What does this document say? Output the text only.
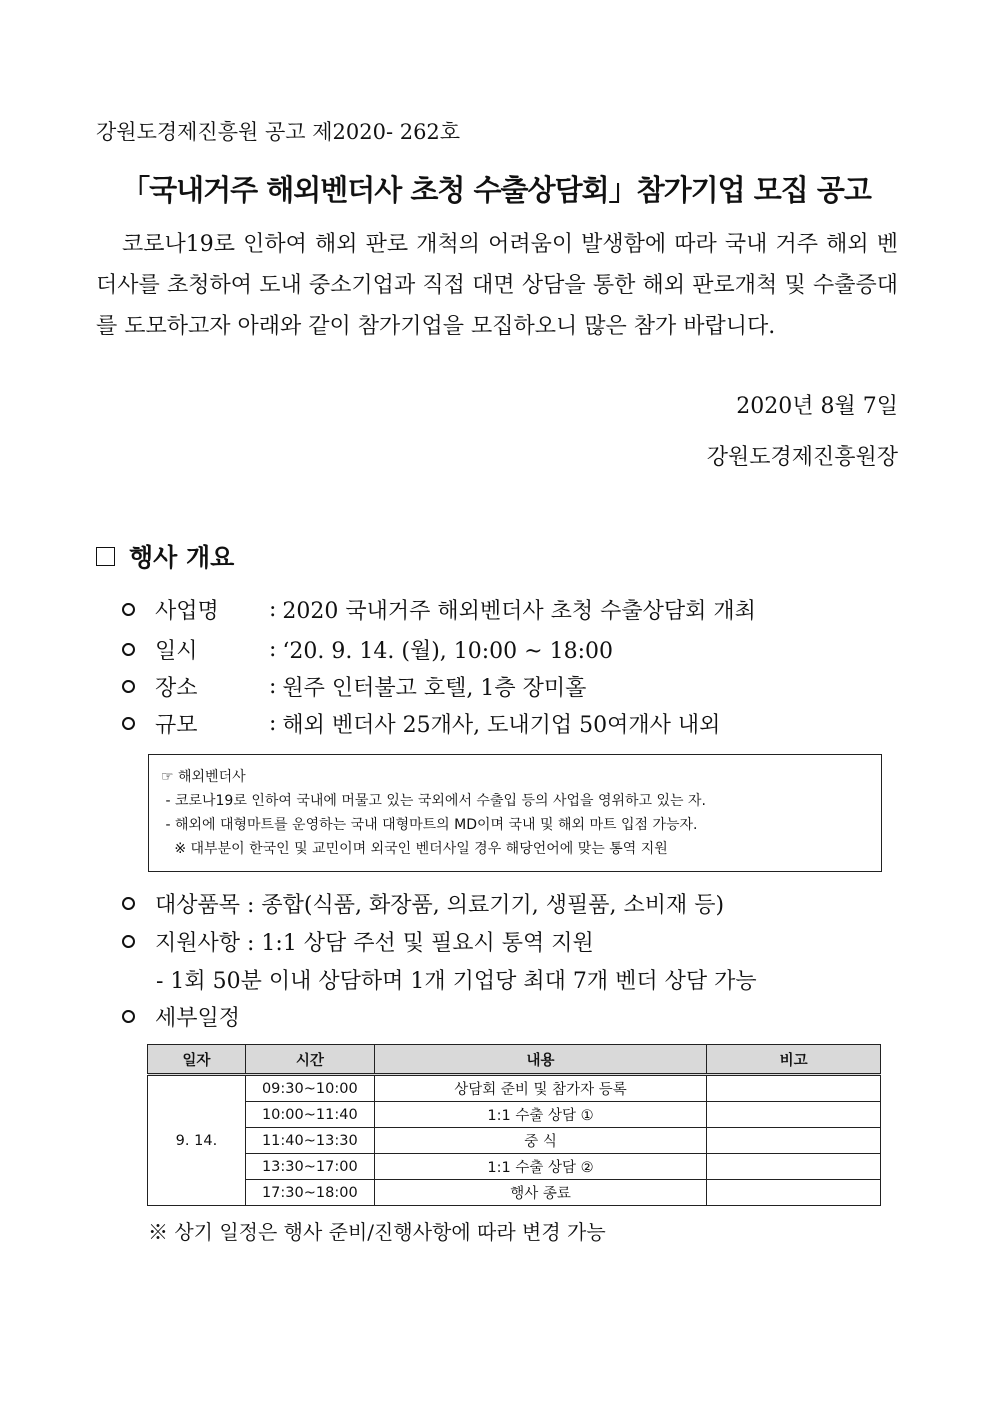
강원도경제진흥원 공고 제2020- 262호
「국내거주 해외벤더사 초청 수출상담회」참가기업 모집 공고
코로나19로 인하여 해외 판로 개척의 어려움이 발생함에 따라 국내 거주 해외 벤더사를 초청하여 도내 중소기업과 직접 대면 상담을 통한 해외 판로개척 및 수출증대를 도모하고자 아래와 같이 참가기업을 모집하오니 많은 참가 바랍니다.
2020년 8월 7일
강원도경제진흥원장
행사 개요
사업명	: 2020 국내거주 해외벤더사 초청 수출상담회 개최
일시	: ‘20. 9. 14. (월), 10:00 ~ 18:00
장소	: 원주 인터불고 호텔, 1층 장미홀
규모	: 해외 벤더사 25개사, 도내기업 50여개사 내외
☞ 해외벤더사
- 코로나19로 인하여 국내에 머물고 있는 국외에서 수출입 등의 사업을 영위하고 있는 자.
- 해외에 대형마트를 운영하는 국내 대형마트의 MD이며 국내 및 해외 마트 입점 가능자.
※ 대부분이 한국인 및 교민이며 외국인 벤더사일 경우 해당언어에 맞는 통역 지원
대상품목 : 종합(식품, 화장품, 의료기기, 생필품, 소비재 등)
지원사항 : 1:1 상담 주선 및 필요시 통역 지원
- 1회 50분 이내 상담하며 1개 기업당 최대 7개 벤더 상담 가능
세부일정
일자	시간	내용	비고
9. 14.	09:30~10:00	상담회 준비 및 참가자 등록	
	10:00~11:40	1:1 수출 상담 ①	
	11:40~13:30	중 식	
	13:30~17:00	1:1 수출 상담 ②	
	17:30~18:00	행사 종료	
※ 상기 일정은 행사 준비/진행사항에 따라 변경 가능
